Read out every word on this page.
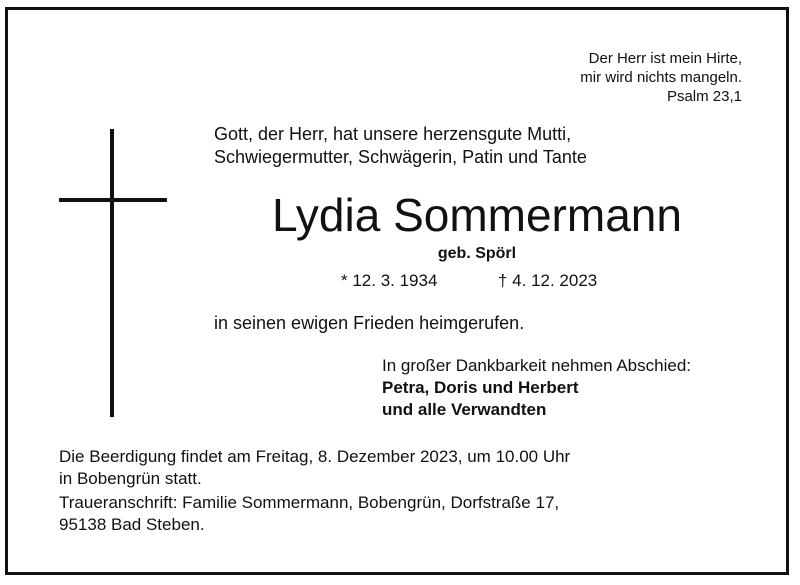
Der Herr ist mein Hirte,
mir wird nichts mangeln.
Psalm 23,1
Gott, der Herr, hat unsere herzensgute Mutti,
Schwiegermutter, Schwägerin, Patin und Tante
Lydia Sommermann
geb. Spörl
* 12. 3. 1934	† 4. 12. 2023
in seinen ewigen Frieden heimgerufen.
In großer Dankbarkeit nehmen Abschied:
Petra, Doris und Herbert
und alle Verwandten
Die Beerdigung findet am Freitag, 8. Dezember 2023, um 10.00 Uhr
in Bobengrün statt.
Traueranschrift: Familie Sommermann, Bobengrün, Dorfstraße 17,
95138 Bad Steben.
